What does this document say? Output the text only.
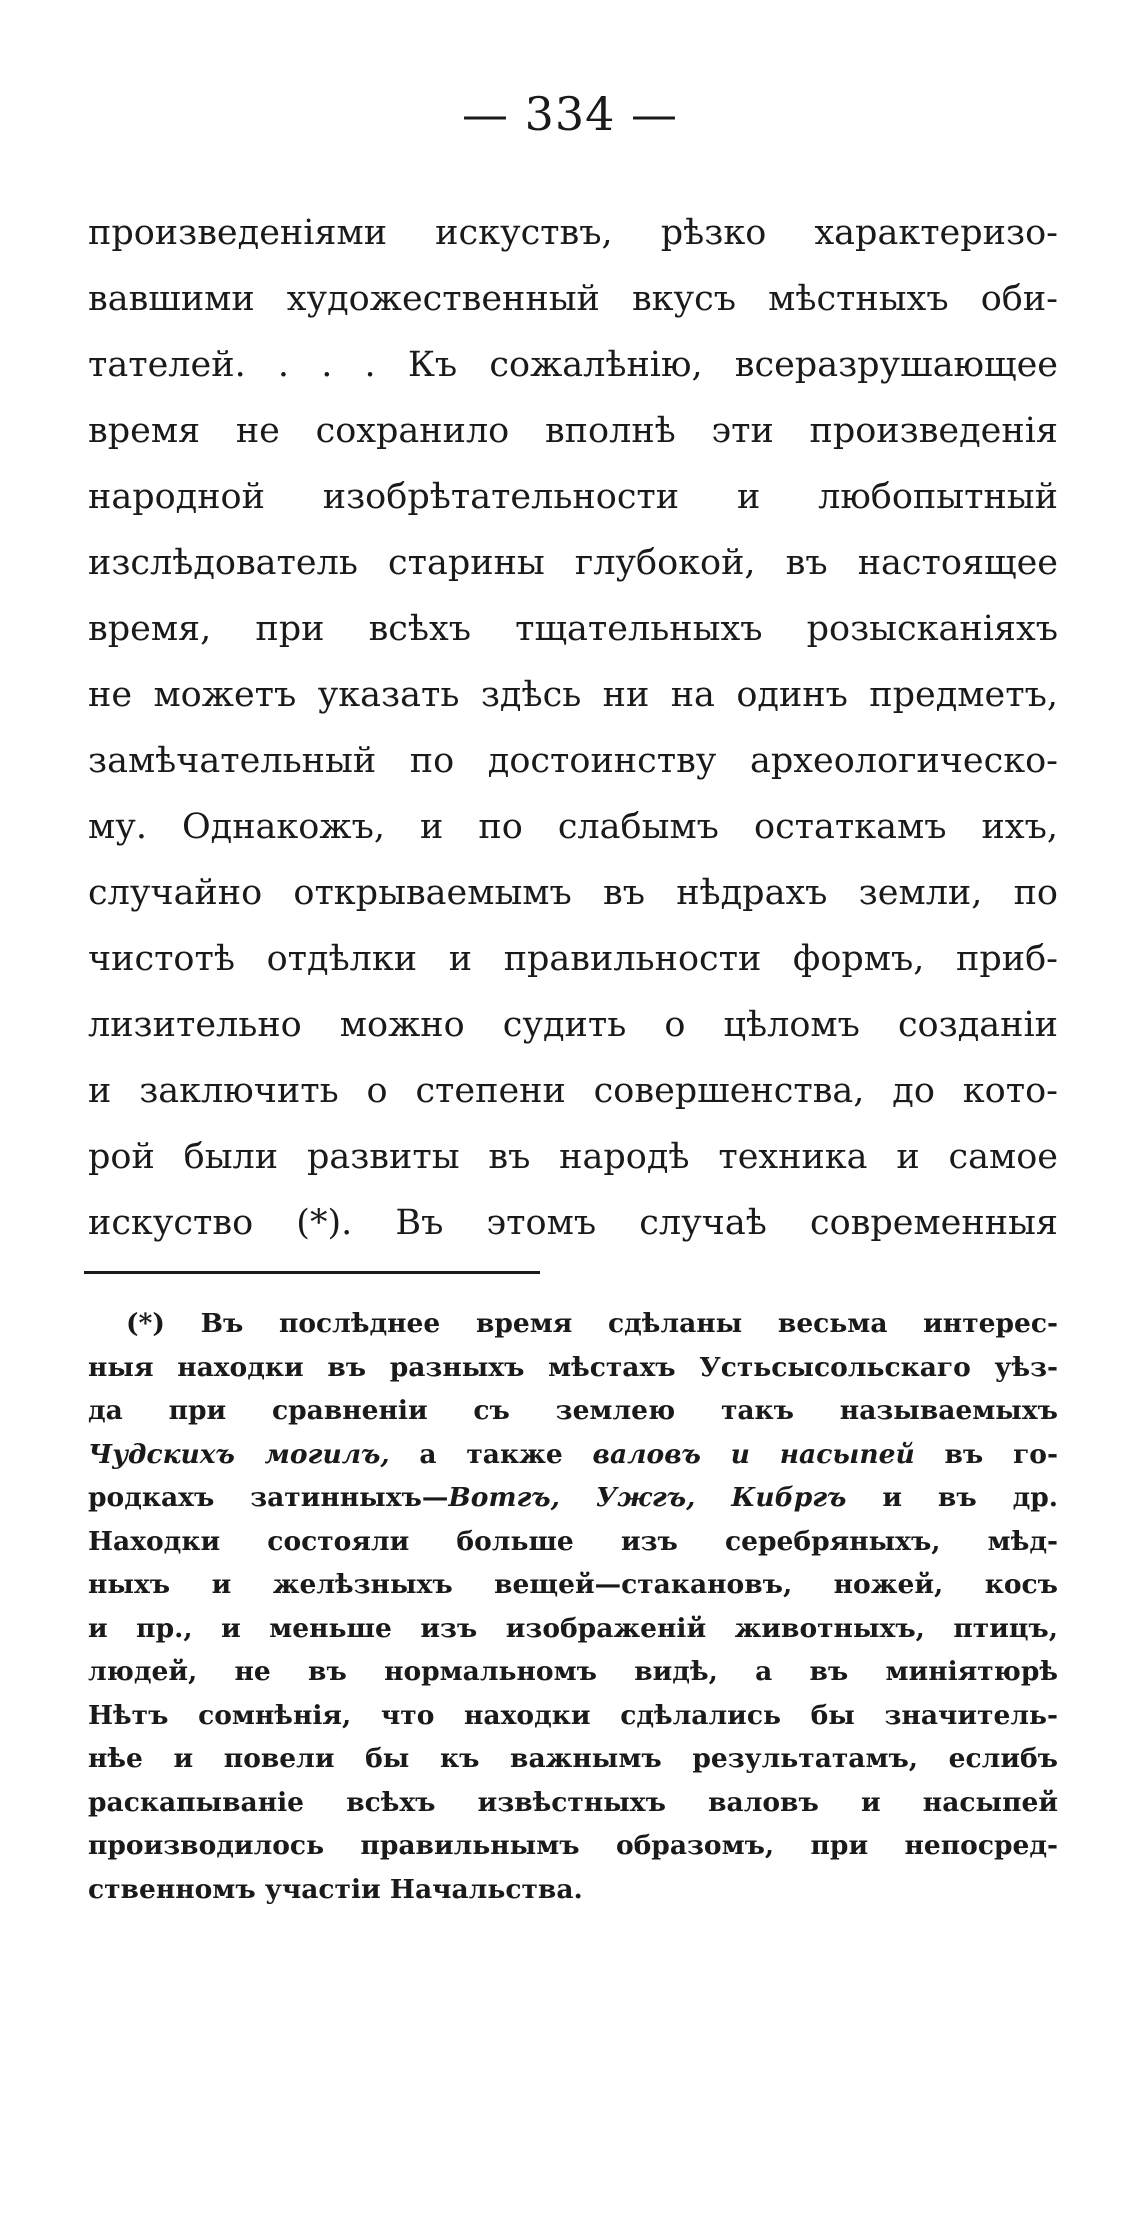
— 334 —
произведеніями искуствъ, рѣзко характеризо-
вавшими художественный вкусъ мѣстныхъ оби-
тателей. . . . Къ сожалѣнію, всеразрушающее
время не сохранило вполнѣ эти произведенія
народной изобрѣтательности и любопытный
изслѣдователь старины глубокой, въ настоящее
время, при всѣхъ тщательныхъ розысканіяхъ
не можетъ указать здѣсь ни на одинъ предметъ,
замѣчательный по достоинству археологическо-
му. Однакожъ, и по слабымъ остаткамъ ихъ,
случайно открываемымъ въ нѣдрахъ земли, по
чистотѣ отдѣлки и правильности формъ, приб-
лизительно можно судить о цѣломъ созданіи
и заключить о степени совершенства, до кото-
рой были развиты въ народѣ техника и самое
искуство (*). Въ этомъ случаѣ современныя
(*) Въ послѣднее время сдѣланы весьма интерес-
ныя находки въ разныхъ мѣстахъ Устьсысольскаго уѣз-
да при сравненіи съ землею такъ называемыхъ
Чудскихъ могилъ, а также валовъ и насыпей въ го-
родкахъ затинныхъ—Вотгъ, Ужгъ, Кибргъ и въ др.
Находки состояли больше изъ серебряныхъ, мѣд-
ныхъ и желѣзныхъ вещей—стакановъ, ножей, косъ
и пр., и меньше изъ изображеній животныхъ, птицъ,
людей, не въ нормальномъ видѣ, а въ миніятюрѣ
Нѣтъ сомнѣнія, что находки сдѣлались бы значитель-
нѣе и повели бы къ важнымъ результатамъ, еслибъ
раскапываніе всѣхъ извѣстныхъ валовъ и насыпей
производилось правильнымъ образомъ, при непосред-
ственномъ участіи Начальства.
